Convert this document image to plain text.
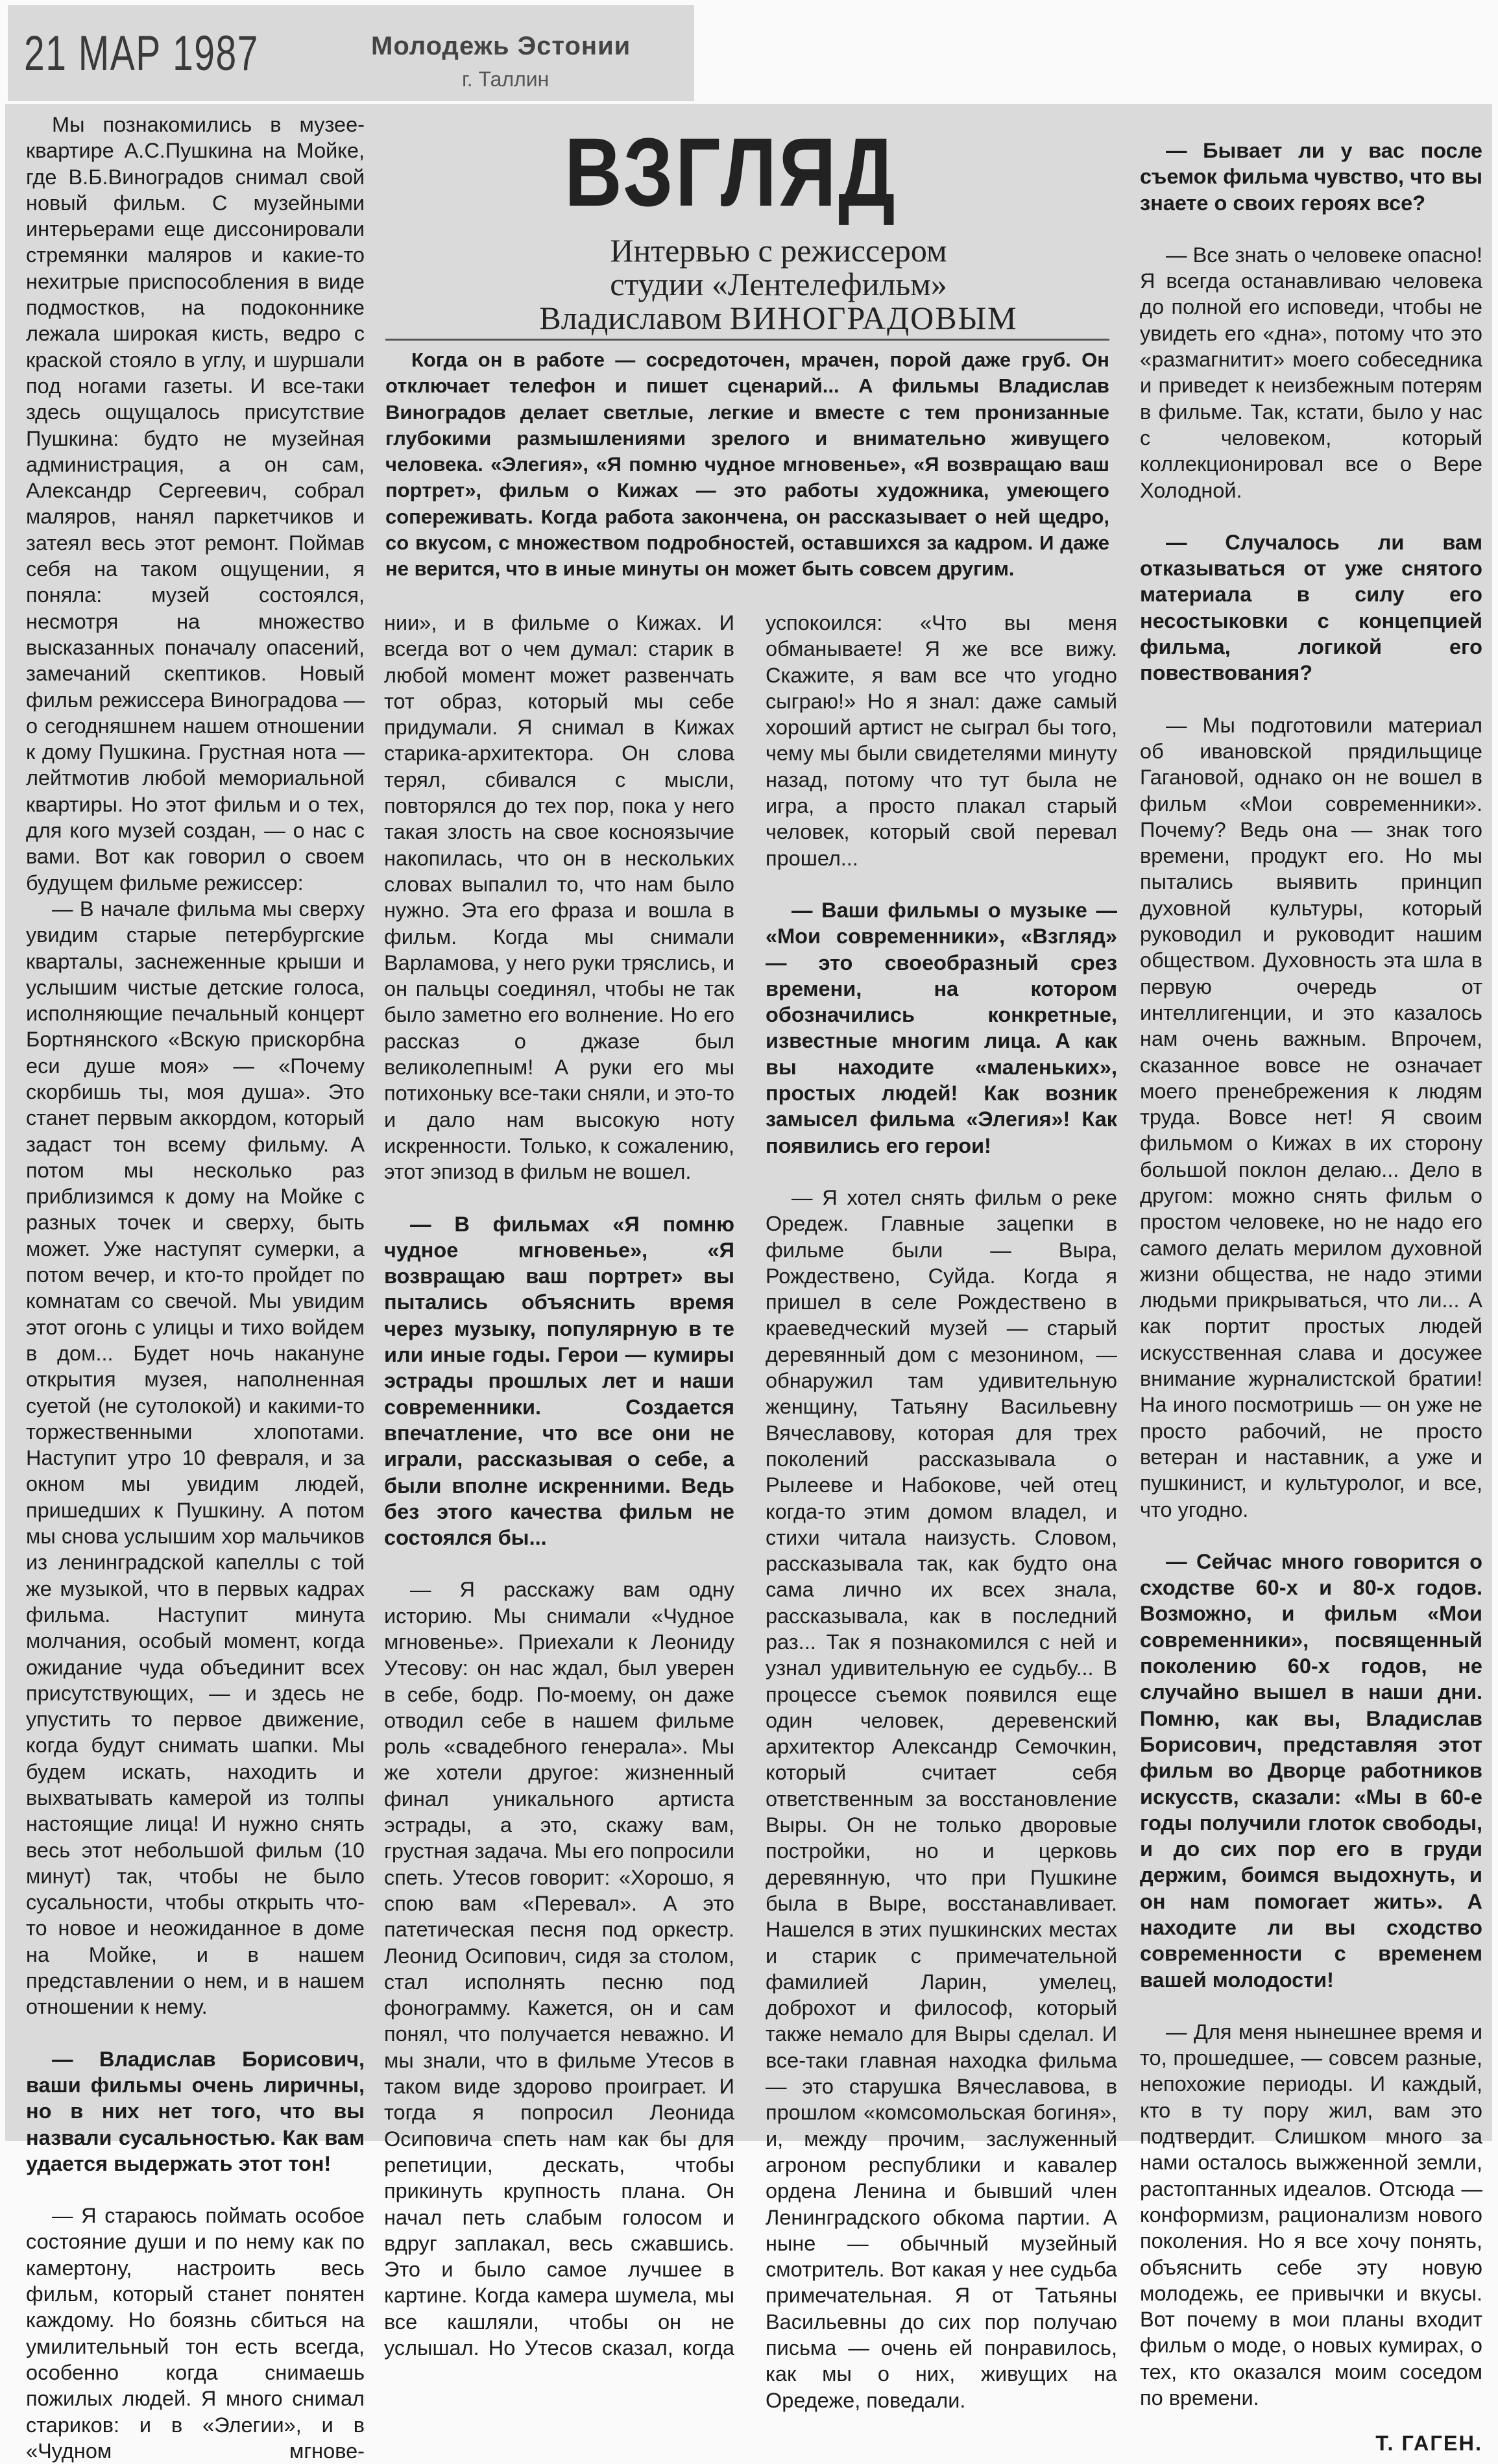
21 МАР 1987	Молодежь Эстонии
г. Таллин
ВЗГЛЯД
Интервью с режиссером
студии «Лентелефильм»
Владиславом ВИНОГРАДОВЫМ
Когда он в работе — сосредоточен, мрачен, порой даже груб. Он отключает телефон и пишет сценарий... А фильмы Владислав Виноградов делает светлые, легкие и вместе с тем пронизанные глубокими размышлениями зрелого и внимательно живущего человека. «Элегия», «Я помню чудное мгновенье», «Я возвращаю ваш портрет», фильм о Кижах — это работы художника, умеющего сопереживать. Когда работа закончена, он рассказывает о ней щедро, со вкусом, с множеством подробностей, оставшихся за кадром. И даже не верится, что в иные минуты он может быть совсем другим.

Мы познакомились в музее-квартире А.С.Пушкина на Мойке, где В.Б.Виноградов снимал свой новый фильм. С музейными интерьерами еще диссонировали стремянки маляров и какие-то нехитрые приспособления в виде подмостков, на подоконнике лежала широкая кисть, ведро с краской стояло в углу, и шуршали под ногами газеты. И все-таки здесь ощущалось присутствие Пушкина: будто не музейная администрация, а он сам, Александр Сергеевич, собрал маляров, нанял паркетчиков и затеял весь этот ремонт. Поймав себя на таком ощущении, я поняла: музей состоялся, несмотря на множество высказанных поначалу опасений, замечаний скептиков. Новый фильм режиссера Виноградова — о сегодняшнем нашем отношении к дому Пушкина. Грустная нота — лейтмотив любой мемориальной квартиры. Но этот фильм и о тех, для кого музей создан, — о нас с вами. Вот как говорил о своем будущем фильме режиссер:

— В начале фильма мы сверху увидим старые петербургские кварталы, заснеженные крыши и услышим чистые детские голоса, исполняющие печальный концерт Бортнянского «Вскую прискорбна еси душе моя» — «Почему скорбишь ты, моя душа». Это станет первым аккордом, который задаст тон всему фильму. А потом мы несколько раз приблизимся к дому на Мойке с разных точек и сверху, быть может. Уже наступят сумерки, а потом вечер, и кто-то пройдет по комнатам со свечой. Мы увидим этот огонь с улицы и тихо войдем в дом... Будет ночь накануне открытия музея, наполненная суетой (не сутолокой) и какими-то торжественными хлопотами. Наступит утро 10 февраля, и за окном мы увидим людей, пришедших к Пушкину. А потом мы снова услышим хор мальчиков из ленинградской капеллы с той же музыкой, что в первых кадрах фильма. Наступит минута молчания, особый момент, когда ожидание чуда объединит всех присутствующих, — и здесь не упустить то первое движение, когда будут снимать шапки. Мы будем искать, находить и выхватывать камерой из толпы настоящие лица! И нужно снять весь этот небольшой фильм (10 минут) так, чтобы не было сусальности, чтобы открыть что-то новое и неожиданное в доме на Мойке, и в нашем представлении о нем, и в нашем отношении к нему.

— Владислав Борисович, ваши фильмы очень лиричны, но в них нет того, что вы назвали сусальностью. Как вам удается выдержать этот тон!

— Я стараюсь поймать особое состояние души и по нему как по камертону, настроить весь фильм, который станет понятен каждому. Но боязнь сбиться на умилительный тон есть всегда, особенно когда снимаешь пожилых людей. Я много снимал стариков: и в «Элегии», и в «Чудном мгнове-

нии», и в фильме о Кижах. И всегда вот о чем думал: старик в любой момент может развенчать тот образ, который мы себе придумали. Я снимал в Кижах старика-архитектора. Он слова терял, сбивался с мысли, повторялся до тех пор, пока у него такая злость на свое косноязычие накопилась, что он в нескольких словах выпалил то, что нам было нужно. Эта его фраза и вошла в фильм. Когда мы снимали Варламова, у него руки тряслись, и он пальцы соединял, чтобы не так было заметно его волнение. Но его рассказ о джазе был великолепным! А руки его мы потихоньку все-таки сняли, и это-то и дало нам высокую ноту искренности. Только, к сожалению, этот эпизод в фильм не вошел.

— В фильмах «Я помню чудное мгновенье», «Я возвращаю ваш портрет» вы пытались объяснить время через музыку, популярную в те или иные годы. Герои — кумиры эстрады прошлых лет и наши современники. Создается впечатление, что все они не играли, рассказывая о себе, а были вполне искренними. Ведь без этого качества фильм не состоялся бы...

— Я расскажу вам одну историю. Мы снимали «Чудное мгновенье». Приехали к Леониду Утесову: он нас ждал, был уверен в себе, бодр. По-моему, он даже отводил себе в нашем фильме роль «свадебного генерала». Мы же хотели другое: жизненный финал уникального артиста эстрады, а это, скажу вам, грустная задача. Мы его попросили спеть. Утесов говорит: «Хорошо, я спою вам «Перевал». А это патетическая песня под оркестр. Леонид Осипович, сидя за столом, стал исполнять песню под фонограмму. Кажется, он и сам понял, что получается неважно. И мы знали, что в фильме Утесов в таком виде здорово проиграет. И тогда я попросил Леонида Осиповича спеть нам как бы для репетиции, дескать, чтобы прикинуть крупность плана. Он начал петь слабым голосом и вдруг заплакал, весь сжавшись. Это и было самое лучшее в картине. Когда камера шумела, мы все кашляли, чтобы он не услышал. Но Утесов сказал, когда

успокоился: «Что вы меня обманываете! Я же все вижу. Скажите, я вам все что угодно сыграю!» Но я знал: даже самый хороший артист не сыграл бы того, чему мы были свидетелями минуту назад, потому что тут была не игра, а просто плакал старый человек, который свой перевал прошел...

— Ваши фильмы о музыке — «Мои современники», «Взгляд» — это своеобразный срез времени, на котором обозначились конкретные, известные многим лица. А как вы находите «маленьких», простых людей! Как возник замысел фильма «Элегия»! Как появились его герои!

— Я хотел снять фильм о реке Оредеж. Главные зацепки в фильме были — Выра, Рождествено, Суйда. Когда я пришел в селе Рождествено в краеведческий музей — старый деревянный дом с мезонином, — обнаружил там удивительную женщину, Татьяну Васильевну Вячеславову, которая для трех поколений рассказывала о Рылееве и Набокове, чей отец когда-то этим домом владел, и стихи читала наизусть. Словом, рассказывала так, как будто она сама лично их всех знала, рассказывала, как в последний раз... Так я познакомился с ней и узнал удивительную ее судьбу... В процессе съемок появился еще один человек, деревенский архитектор Александр Семочкин, который считает себя ответственным за восстановление Выры. Он не только дворовые постройки, но и церковь деревянную, что при Пушкине была в Выре, восстанавливает. Нашелся в этих пушкинских местах и старик с примечательной фамилией Ларин, умелец, доброхот и философ, который также немало для Выры сделал. И все-таки главная находка фильма — это старушка Вячеславова, в прошлом «комсомольская богиня», и, между прочим, заслуженный агроном республики и кавалер ордена Ленина и бывший член Ленинградского обкома партии. А ныне — обычный музейный смотритель. Вот какая у нее судьба примечательная. Я от Татьяны Васильевны до сих пор получаю письма — очень ей понравилось, как мы о них, живущих на Оредеже, поведали.

— Бывает ли у вас после съемок фильма чувство, что вы знаете о своих героях все?

— Все знать о человеке опасно! Я всегда останавливаю человека до полной его исповеди, чтобы не увидеть его «дна», потому что это «размагнитит» моего собеседника и приведет к неизбежным потерям в фильме. Так, кстати, было у нас с человеком, который коллекционировал все о Вере Холодной.

— Случалось ли вам отказываться от уже снятого материала в силу его несостыковки с концепцией фильма, логикой его повествования?

— Мы подготовили материал об ивановской прядильщице Гагановой, однако он не вошел в фильм «Мои современники». Почему? Ведь она — знак того времени, продукт его. Но мы пытались выявить принцип духовной культуры, который руководил и руководит нашим обществом. Духовность эта шла в первую очередь от интеллигенции, и это казалось нам очень важным. Впрочем, сказанное вовсе не означает моего пренебрежения к людям труда. Вовсе нет! Я своим фильмом о Кижах в их сторону большой поклон делаю... Дело в другом: можно снять фильм о простом человеке, но не надо его самого делать мерилом духовной жизни общества, не надо этими людьми прикрываться, что ли... А как портит простых людей искусственная слава и досужее внимание журналистской братии! На иного посмотришь — он уже не просто рабочий, не просто ветеран и наставник, а уже и пушкинист, и культуролог, и все, что угодно.

— Сейчас много говорится о сходстве 60-х и 80-х годов. Возможно, и фильм «Мои современники», посвященный поколению 60-х годов, не случайно вышел в наши дни. Помню, как вы, Владислав Борисович, представляя этот фильм во Дворце работников искусств, сказали: «Мы в 60-е годы получили глоток свободы, и до сих пор его в груди держим, боимся выдохнуть, и он нам помогает жить». А находите ли вы сходство современности с временем вашей молодости!

— Для меня нынешнее время и то, прошедшее, — совсем разные, непохожие периоды. И каждый, кто в ту пору жил, вам это подтвердит. Слишком много за нами осталось выжженной земли, растоптанных идеалов. Отсюда — конформизм, рационализм нового поколения. Но я все хочу понять, объяснить себе эту новую молодежь, ее привычки и вкусы. Вот почему в мои планы входит фильм о моде, о новых кумирах, о тех, кто оказался моим соседом по времени.

Т. ГАГЕН.
